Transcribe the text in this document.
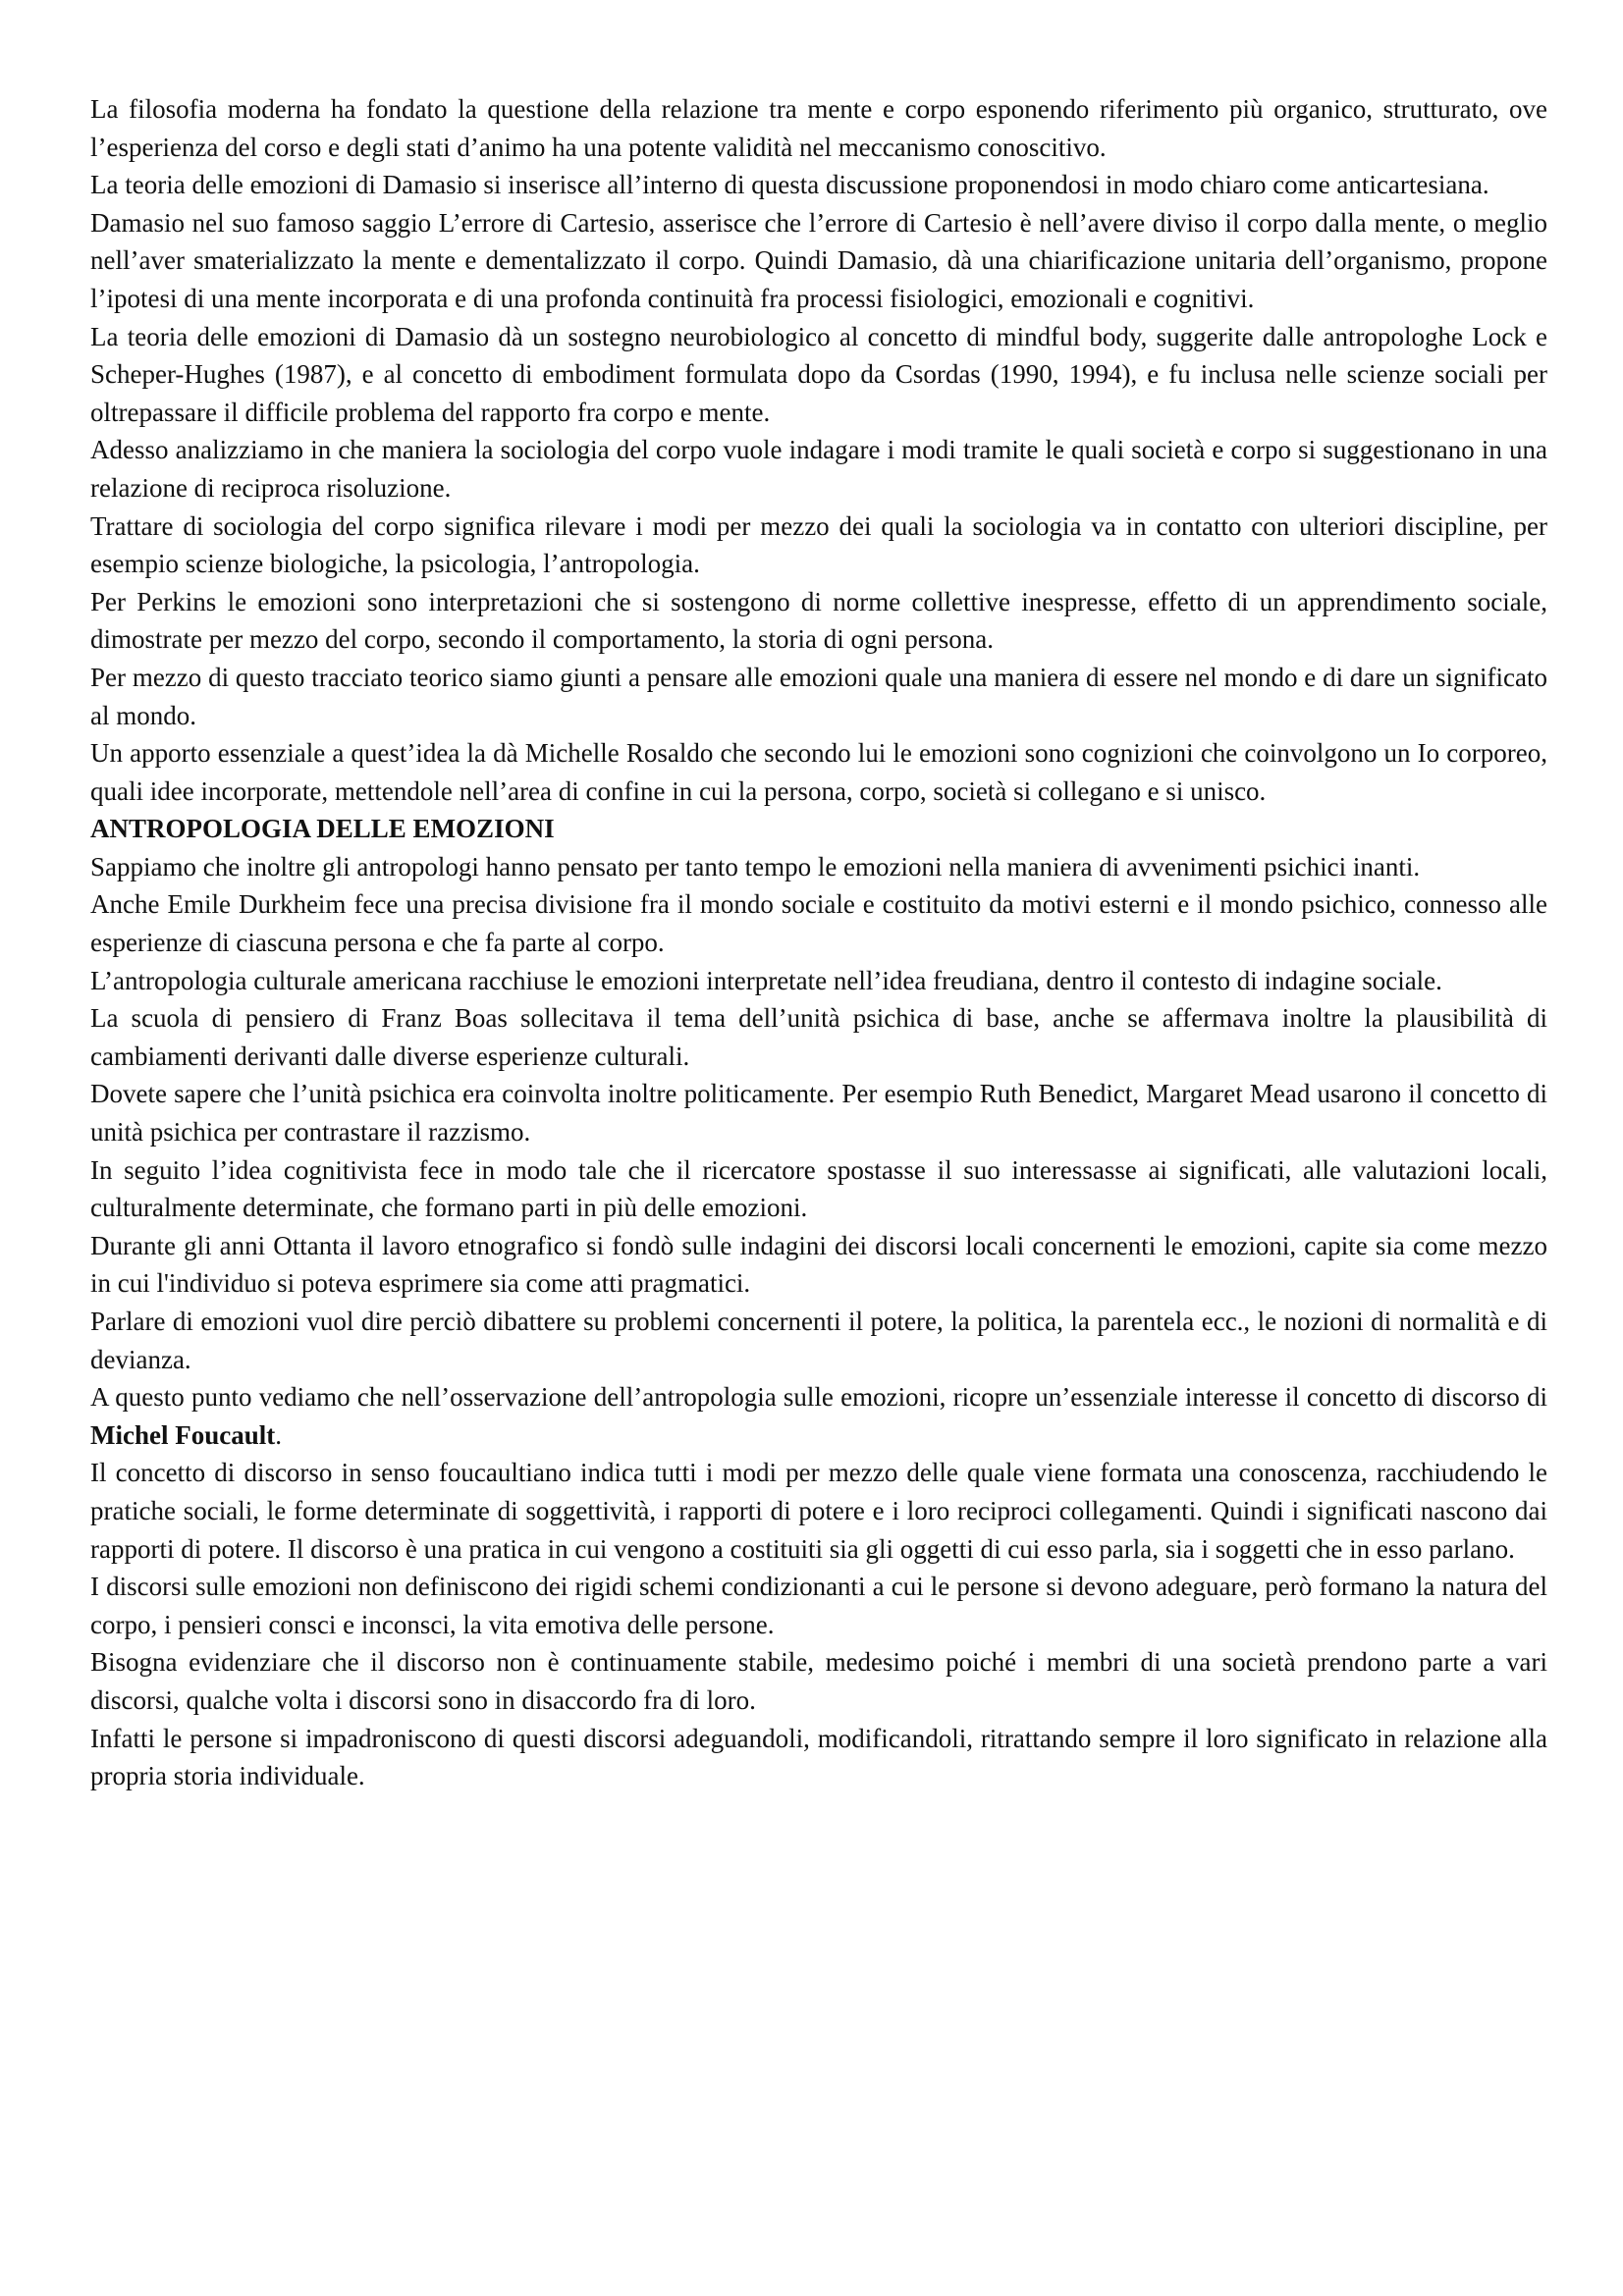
La filosofia moderna ha fondato la questione della relazione tra mente e corpo esponendo riferimento più organico, strutturato, ove l’esperienza del corso e degli stati d’animo ha una potente validità nel meccanismo conoscitivo.

La teoria delle emozioni di Damasio si inserisce all’interno di questa discussione proponendosi in modo chiaro come anticartesiana.

Damasio nel suo famoso saggio L’errore di Cartesio, asserisce che l’errore di Cartesio è nell’avere diviso il corpo dalla mente, o meglio nell’aver smaterializzato la mente e dementalizzato il corpo. Quindi Damasio, dà una chiarificazione unitaria dell’organismo, propone l’ipotesi di una mente incorporata e di una profonda continuità fra processi fisiologici, emozionali e cognitivi.

La teoria delle emozioni di Damasio dà un sostegno neurobiologico al concetto di mindful body, suggerite dalle antropologhe Lock e Scheper-Hughes (1987), e al concetto di embodiment formulata dopo da Csordas (1990, 1994), e fu inclusa nelle scienze sociali per oltrepassare il difficile problema del rapporto fra corpo e mente.

Adesso analizziamo in che maniera la sociologia del corpo vuole indagare i modi tramite le quali società e corpo si suggestionano in una relazione di reciproca risoluzione.

Trattare di sociologia del corpo significa rilevare i modi per mezzo dei quali la sociologia va in contatto con ulteriori discipline, per esempio scienze biologiche, la psicologia, l’antropologia.

Per Perkins le emozioni sono interpretazioni che si sostengono di norme collettive inespresse, effetto di un apprendimento sociale, dimostrate per mezzo del corpo, secondo il comportamento, la storia di ogni persona.

Per mezzo di questo tracciato teorico siamo giunti a pensare alle emozioni quale una maniera di essere nel mondo e di dare un significato al mondo.

Un apporto essenziale a quest’idea la dà Michelle Rosaldo che secondo lui le emozioni sono cognizioni che coinvolgono un Io corporeo, quali idee incorporate, mettendole nell’area di confine in cui la persona, corpo, società si collegano e si unisco.

ANTROPOLOGIA DELLE EMOZIONI

Sappiamo che inoltre gli antropologi hanno pensato per tanto tempo le emozioni nella maniera di avvenimenti psichici inanti.

Anche Emile Durkheim fece una precisa divisione fra il mondo sociale e costituito da motivi esterni e il mondo psichico, connesso alle esperienze di ciascuna persona e che fa parte al corpo.

L’antropologia culturale americana racchiuse le emozioni interpretate nell’idea freudiana, dentro il contesto di indagine sociale.

La scuola di pensiero di Franz Boas sollecitava il tema dell’unità psichica di base, anche se affermava inoltre la plausibilità di cambiamenti derivanti dalle diverse esperienze culturali.

Dovete sapere che l’unità psichica era coinvolta inoltre politicamente. Per esempio Ruth Benedict, Margaret Mead usarono il concetto di unità psichica per contrastare il razzismo.

In seguito l’idea cognitivista fece in modo tale che il ricercatore spostasse il suo interessasse ai significati, alle valutazioni locali, culturalmente determinate, che formano parti in più delle emozioni.

Durante gli anni Ottanta il lavoro etnografico si fondò sulle indagini dei discorsi locali concernenti le emozioni, capite sia come mezzo in cui l'individuo si poteva esprimere sia come atti pragmatici.

Parlare di emozioni vuol dire perciò dibattere su problemi concernenti il potere, la politica, la parentela ecc., le nozioni di normalità e di devianza.

A questo punto vediamo che nell’osservazione dell’antropologia sulle emozioni, ricopre un’essenziale interesse il concetto di discorso di Michel Foucault.

Il concetto di discorso in senso foucaultiano indica tutti i modi per mezzo delle quale viene formata una conoscenza, racchiudendo le pratiche sociali, le forme determinate di soggettività, i rapporti di potere e i loro reciproci collegamenti. Quindi i significati nascono dai rapporti di potere. Il discorso è una pratica in cui vengono a costituiti sia gli oggetti di cui esso parla, sia i soggetti che in esso parlano.

I discorsi sulle emozioni non definiscono dei rigidi schemi condizionanti a cui le persone si devono adeguare, però formano la natura del corpo, i pensieri consci e inconsci, la vita emotiva delle persone.

Bisogna evidenziare che il discorso non è continuamente stabile, medesimo poiché i membri di una società prendono parte a vari discorsi, qualche volta i discorsi sono in disaccordo fra di loro.

Infatti le persone si impadroniscono di questi discorsi adeguandoli, modificandoli, ritrattando sempre il loro significato in relazione alla propria storia individuale.
